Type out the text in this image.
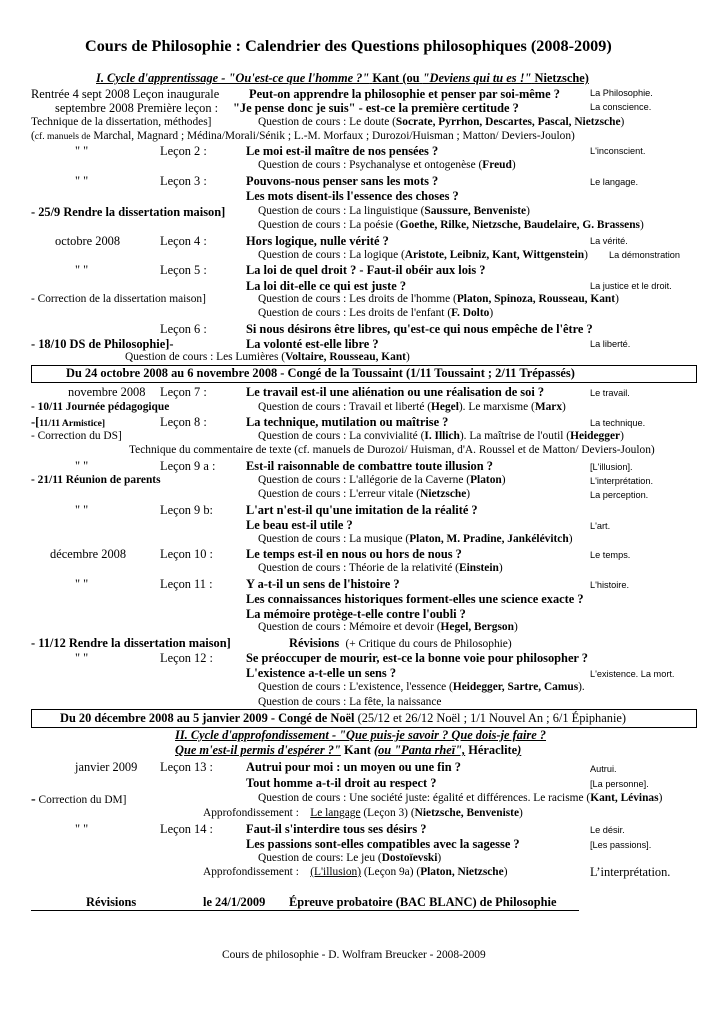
Cours de Philosophie : Calendrier des Questions philosophiques (2008-2009)
I. Cycle d'apprentissage - "Ou'est-ce que l'homme ?" Kant (ou "Deviens qui tu es !" Nietzsche)
Rentrée 4 sept 2008 Leçon inaugurale Peut-on apprendre la philosophie et penser par soi-même ?	La Philosophie.
septembre 2008 Première leçon : "Je pense donc je suis" - est-ce la première certitude ?	La conscience.
Technique de la dissertation, méthodes]	Question de cours : Le doute (Socrate, Pyrrhon, Descartes, Pascal, Nietzsche)
(cf. manuels de Marchal, Magnard ; Médina/Morali/Sénik ; L.-M. Morfaux ; Durozoi/Huisman ; Matton/ Deviers-Joulon)
" "	Leçon 2 :	Le moi est-il maître de nos pensées ?	L'inconscient.
Question de cours : Psychanalyse et ontogenèse (Freud)
" "	Leçon 3 :	Pouvons-nous penser sans les mots ?	Le langage.
Les mots disent-ils l'essence des choses ?
- 25/9 Rendre la dissertation maison]	Question de cours : La linguistique (Saussure, Benveniste)
Question de cours : La poésie (Goethe, Rilke, Nietzsche, Baudelaire, G. Brassens)
octobre 2008	Leçon 4 :	Hors logique, nulle vérité ?	La vérité.
Question de cours : La logique (Aristote, Leibniz, Kant, Wittgenstein) La démonstration
" "	Leçon 5 :	La loi de quel droit ? - Faut-il obéir aux lois ?
La loi dit-elle ce qui est juste ?	La justice et le droit.
- Correction de la dissertation maison]	Question de cours : Les droits de l'homme (Platon, Spinoza, Rousseau, Kant)
Question de cours : Les droits de l'enfant (F. Dolto)
Leçon 6 :	Si nous désirons être libres, qu'est-ce qui nous empêche de l'être ?
- 18/10 DS de Philosophie]-	La volonté est-elle libre ?	La liberté.
Question de cours : Les Lumières (Voltaire, Rousseau, Kant)
Du 24 octobre 2008 au 6 novembre 2008 - Congé de la Toussaint (1/11 Toussaint ; 2/11 Trépassés)
novembre 2008 Leçon 7 :	Le travail est-il une aliénation ou une réalisation de soi ?	Le travail.
- 10/11 Journée pédagogique	Question de cours : Travail et liberté (Hegel). Le marxisme (Marx)
-[11/11 Armistice]	Leçon 8 :	La technique, mutilation ou maîtrise ?	La technique.
- Correction du DS]	Question de cours : La convivialité (I. Illich). La maîtrise de l'outil (Heidegger)
Technique du commentaire de texte (cf. manuels de Durozoi/ Huisman, d'A. Roussel et de Matton/ Deviers-Joulon)
" "	Leçon 9 a : Est-il raisonnable de combattre toute illusion ?	[L'illusion].
- 21/11 Réunion de parents	Question de cours : L'allégorie de la Caverne (Platon)	L'interprétation.
Question de cours : L'erreur vitale (Nietzsche)	La perception.
" "	Leçon 9 b:	L'art n'est-il qu'une imitation de la réalité ?
Le beau est-il utile ?	L'art.
Question de cours : La musique (Platon, M. Pradine, Jankélévitch)
décembre 2008	Leçon 10 :	Le temps est-il en nous ou hors de nous ?	Le temps.
Question de cours : Théorie de la relativité (Einstein)
" "	Leçon 11 :	Y a-t-il un sens de l'histoire ?	L'histoire.
Les connaissances historiques forment-elles une science exacte ?
La mémoire protège-t-elle contre l'oubli ?
Question de cours : Mémoire et devoir (Hegel, Bergson)
- 11/12 Rendre la dissertation maison]	Révisions (+ Critique du cours de Philosophie)
" "	Leçon 12 :	Se préoccuper de mourir, est-ce la bonne voie pour philosopher ?
L'existence a-t-elle un sens ?	L'existence. La mort.
Question de cours : L'existence, l'essence (Heidegger, Sartre, Camus).
Question de cours : La fête, la naissance
Du 20 décembre 2008 au 5 janvier 2009 - Congé de Noël (25/12 et 26/12 Noël ; 1/1 Nouvel An ; 6/1 Épiphanie)
II. Cycle d'approfondissement - "Que puis-je savoir ? Que dois-je faire ?
Que m'est-il permis d'espérer ?" Kant (ou "Panta rheï", Héraclite)
janvier 2009 Leçon 13 :	Autrui pour moi : un moyen ou une fin ?	Autrui.
Tout homme a-t-il droit au respect ?	[La personne].
- Correction du DM]	Question de cours : Une société juste: égalité et différences. Le racisme (Kant, Lévinas)
Approfondissement : Le langage (Leçon 3) (Nietzsche, Benveniste)
" "	Leçon 14 :	Faut-il s'interdire tous ses désirs ?	Le désir.
Les passions sont-elles compatibles avec la sagesse ?	[Les passions].
Question de cours: Le jeu (Dostoïevski)
Approfondissement : (L'illusion) (Leçon 9a) (Platon, Nietzsche)	L’interprétation.
Révisions	le 24/1/2009 Épreuve probatoire (BAC BLANC) de Philosophie
Cours de philosophie - D. Wolfram Breucker - 2008-2009
